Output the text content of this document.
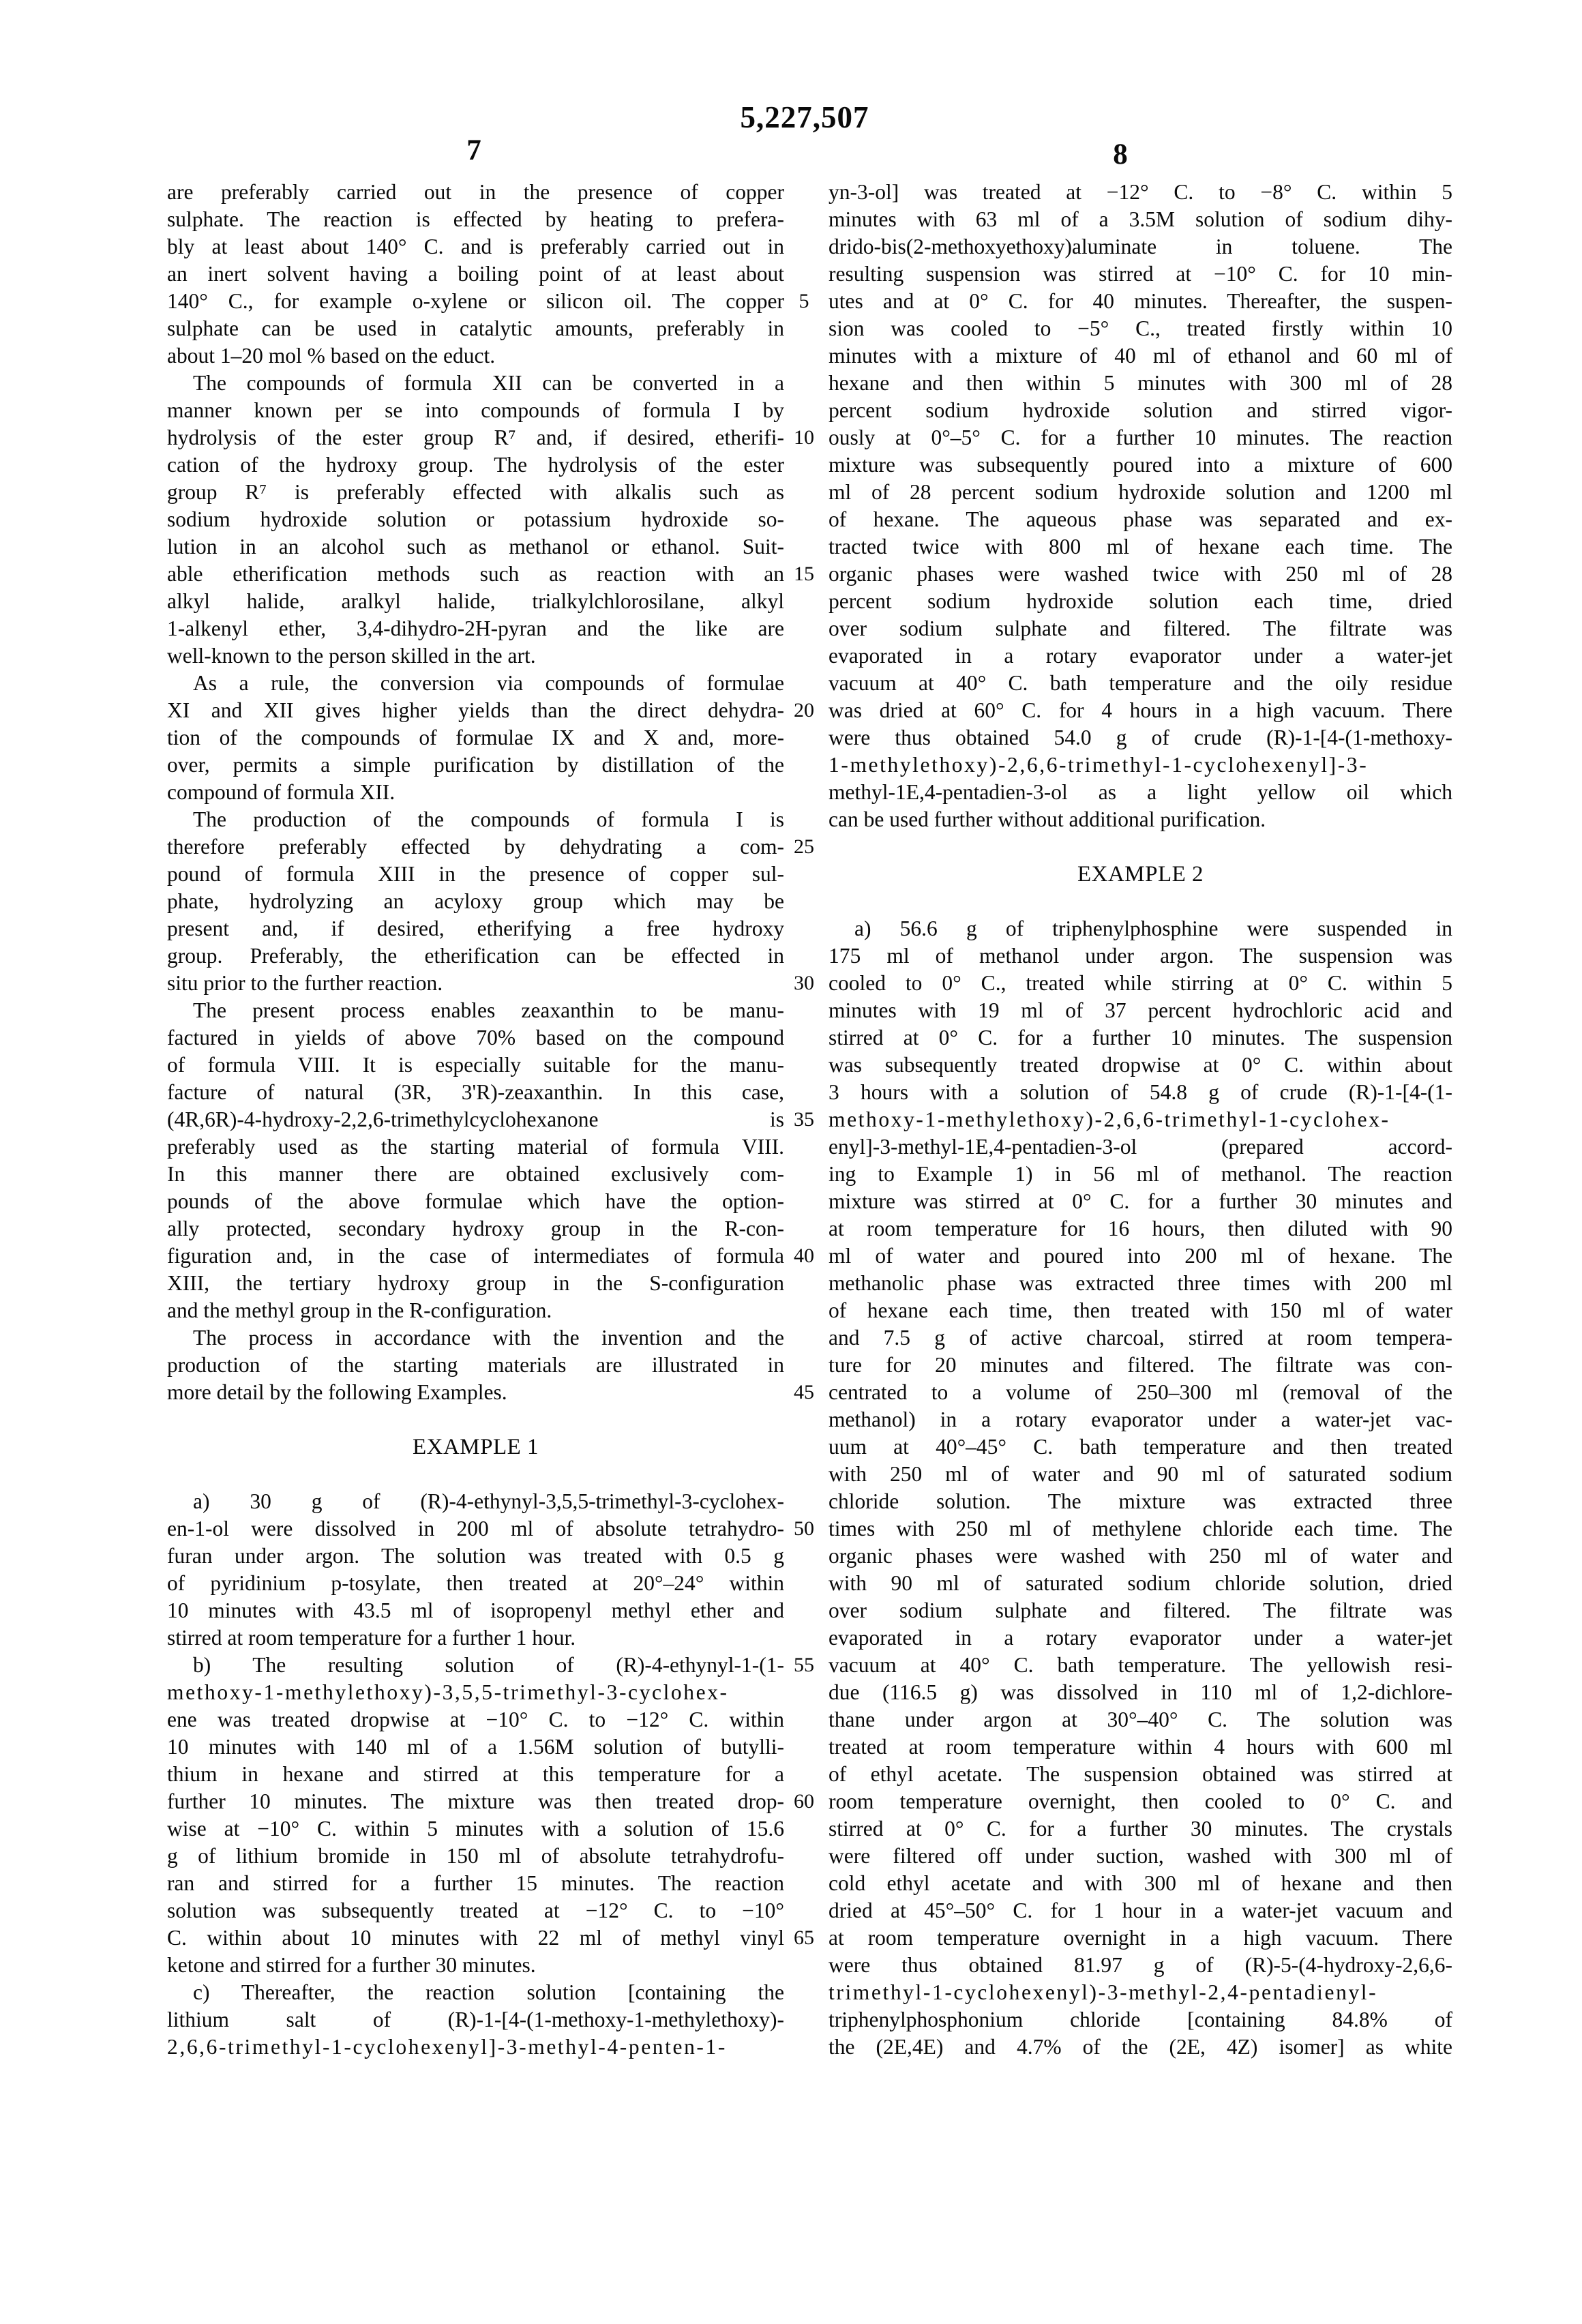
5,227,507
7	8
are preferably carried out in the presence of copper
sulphate. The reaction is effected by heating to prefera-
bly at least about 140° C. and is preferably carried out in
an inert solvent having a boiling point of at least about
140° C., for example o-xylene or silicon oil. The copper
sulphate can be used in catalytic amounts, preferably in
about 1–20 mol % based on the educt.
The compounds of formula XII can be converted in a
manner known per se into compounds of formula I by
hydrolysis of the ester group R⁷ and, if desired, etherifi-
cation of the hydroxy group. The hydrolysis of the ester
group R⁷ is preferably effected with alkalis such as
sodium hydroxide solution or potassium hydroxide so-
lution in an alcohol such as methanol or ethanol. Suit-
able etherification methods such as reaction with an
alkyl halide, aralkyl halide, trialkylchlorosilane, alkyl
1-alkenyl ether, 3,4-dihydro-2H-pyran and the like are
well-known to the person skilled in the art.
As a rule, the conversion via compounds of formulae
XI and XII gives higher yields than the direct dehydra-
tion of the compounds of formulae IX and X and, more-
over, permits a simple purification by distillation of the
compound of formula XII.
The production of the compounds of formula I is
therefore preferably effected by dehydrating a com-
pound of formula XIII in the presence of copper sul-
phate, hydrolyzing an acyloxy group which may be
present and, if desired, etherifying a free hydroxy
group. Preferably, the etherification can be effected in
situ prior to the further reaction.
The present process enables zeaxanthin to be manu-
factured in yields of above 70% based on the compound
of formula VIII. It is especially suitable for the manu-
facture of natural (3R, 3'R)-zeaxanthin. In this case,
(4R,6R)-4-hydroxy-2,2,6-trimethylcyclohexanone is
preferably used as the starting material of formula VIII.
In this manner there are obtained exclusively com-
pounds of the above formulae which have the option-
ally protected, secondary hydroxy group in the R-con-
figuration and, in the case of intermediates of formula
XIII, the tertiary hydroxy group in the S-configuration
and the methyl group in the R-configuration.
The process in accordance with the invention and the
production of the starting materials are illustrated in
more detail by the following Examples.
EXAMPLE 1
a) 30 g of (R)-4-ethynyl-3,5,5-trimethyl-3-cyclohex-
en-1-ol were dissolved in 200 ml of absolute tetrahydro-
furan under argon. The solution was treated with 0.5 g
of pyridinium p-tosylate, then treated at 20°–24° within
10 minutes with 43.5 ml of isopropenyl methyl ether and
stirred at room temperature for a further 1 hour.
b) The resulting solution of (R)-4-ethynyl-1-(1-
methoxy-1-methylethoxy)-3,5,5-trimethyl-3-cyclohex-
ene was treated dropwise at −10° C. to −12° C. within
10 minutes with 140 ml of a 1.56M solution of butylli-
thium in hexane and stirred at this temperature for a
further 10 minutes. The mixture was then treated drop-
wise at −10° C. within 5 minutes with a solution of 15.6
g of lithium bromide in 150 ml of absolute tetrahydrofu-
ran and stirred for a further 15 minutes. The reaction
solution was subsequently treated at −12° C. to −10°
C. within about 10 minutes with 22 ml of methyl vinyl
ketone and stirred for a further 30 minutes.
c) Thereafter, the reaction solution [containing the
lithium salt of (R)-1-[4-(1-methoxy-1-methylethoxy)-
2,6,6-trimethyl-1-cyclohexenyl]-3-methyl-4-penten-1-
5
10
15
20
25
30
35
40
45
50
55
60
65
yn-3-ol] was treated at −12° C. to −8° C. within 5
minutes with 63 ml of a 3.5M solution of sodium dihy-
drido-bis(2-methoxyethoxy)aluminate in toluene. The
resulting suspension was stirred at −10° C. for 10 min-
utes and at 0° C. for 40 minutes. Thereafter, the suspen-
sion was cooled to −5° C., treated firstly within 10
minutes with a mixture of 40 ml of ethanol and 60 ml of
hexane and then within 5 minutes with 300 ml of 28
percent sodium hydroxide solution and stirred vigor-
ously at 0°–5° C. for a further 10 minutes. The reaction
mixture was subsequently poured into a mixture of 600
ml of 28 percent sodium hydroxide solution and 1200 ml
of hexane. The aqueous phase was separated and ex-
tracted twice with 800 ml of hexane each time. The
organic phases were washed twice with 250 ml of 28
percent sodium hydroxide solution each time, dried
over sodium sulphate and filtered. The filtrate was
evaporated in a rotary evaporator under a water-jet
vacuum at 40° C. bath temperature and the oily residue
was dried at 60° C. for 4 hours in a high vacuum. There
were thus obtained 54.0 g of crude (R)-1-[4-(1-methoxy-
1-methylethoxy)-2,6,6-trimethyl-1-cyclohexenyl]-3-
methyl-1E,4-pentadien-3-ol as a light yellow oil which
can be used further without additional purification.
EXAMPLE 2
a) 56.6 g of triphenylphosphine were suspended in
175 ml of methanol under argon. The suspension was
cooled to 0° C., treated while stirring at 0° C. within 5
minutes with 19 ml of 37 percent hydrochloric acid and
stirred at 0° C. for a further 10 minutes. The suspension
was subsequently treated dropwise at 0° C. within about
3 hours with a solution of 54.8 g of crude (R)-1-[4-(1-
methoxy-1-methylethoxy)-2,6,6-trimethyl-1-cyclohex-
enyl]-3-methyl-1E,4-pentadien-3-ol (prepared accord-
ing to Example 1) in 56 ml of methanol. The reaction
mixture was stirred at 0° C. for a further 30 minutes and
at room temperature for 16 hours, then diluted with 90
ml of water and poured into 200 ml of hexane. The
methanolic phase was extracted three times with 200 ml
of hexane each time, then treated with 150 ml of water
and 7.5 g of active charcoal, stirred at room tempera-
ture for 20 minutes and filtered. The filtrate was con-
centrated to a volume of 250–300 ml (removal of the
methanol) in a rotary evaporator under a water-jet vac-
uum at 40°–45° C. bath temperature and then treated
with 250 ml of water and 90 ml of saturated sodium
chloride solution. The mixture was extracted three
times with 250 ml of methylene chloride each time. The
organic phases were washed with 250 ml of water and
with 90 ml of saturated sodium chloride solution, dried
over sodium sulphate and filtered. The filtrate was
evaporated in a rotary evaporator under a water-jet
vacuum at 40° C. bath temperature. The yellowish resi-
due (116.5 g) was dissolved in 110 ml of 1,2-dichlore-
thane under argon at 30°–40° C. The solution was
treated at room temperature within 4 hours with 600 ml
of ethyl acetate. The suspension obtained was stirred at
room temperature overnight, then cooled to 0° C. and
stirred at 0° C. for a further 30 minutes. The crystals
were filtered off under suction, washed with 300 ml of
cold ethyl acetate and with 300 ml of hexane and then
dried at 45°–50° C. for 1 hour in a water-jet vacuum and
at room temperature overnight in a high vacuum. There
were thus obtained 81.97 g of (R)-5-(4-hydroxy-2,6,6-
trimethyl-1-cyclohexenyl)-3-methyl-2,4-pentadienyl-
triphenylphosphonium chloride [containing 84.8% of
the (2E,4E) and 4.7% of the (2E, 4Z) isomer] as white
